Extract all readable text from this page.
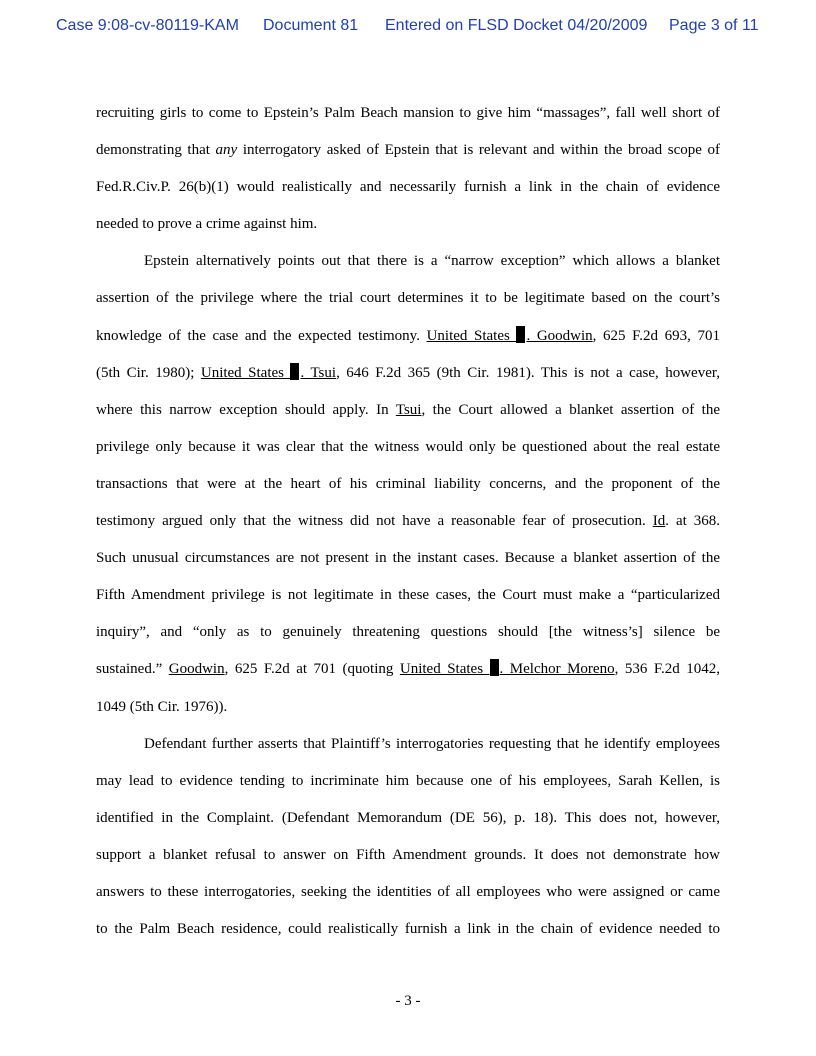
Case 9:08-cv-80119-KAM Document 81 Entered on FLSD Docket 04/20/2009 Page 3 of 11
recruiting girls to come to Epstein’s Palm Beach mansion to give him “massages”, fall well short of
demonstrating that any interrogatory asked of Epstein that is relevant and within the broad scope of
Fed.R.Civ.P. 26(b)(1) would realistically and necessarily furnish a link in the chain of evidence
needed to prove a crime against him.
Epstein alternatively points out that there is a “narrow exception” which allows a blanket
assertion of the privilege where the trial court determines it to be legitimate based on the court’s
knowledge of the case and the expected testimony. United States . Goodwin, 625 F.2d 693, 701
(5th Cir. 1980); United States . Tsui, 646 F.2d 365 (9th Cir. 1981). This is not a case, however,
where this narrow exception should apply. In Tsui, the Court allowed a blanket assertion of the
privilege only because it was clear that the witness would only be questioned about the real estate
transactions that were at the heart of his criminal liability concerns, and the proponent of the
testimony argued only that the witness did not have a reasonable fear of prosecution. Id. at 368.
Such unusual circumstances are not present in the instant cases. Because a blanket assertion of the
Fifth Amendment privilege is not legitimate in these cases, the Court must make a “particularized
inquiry”, and “only as to genuinely threatening questions should [the witness’s] silence be
sustained.” Goodwin, 625 F.2d at 701 (quoting United States . Melchor Moreno, 536 F.2d 1042,
1049 (5th Cir. 1976)).
Defendant further asserts that Plaintiff’s interrogatories requesting that he identify employees
may lead to evidence tending to incriminate him because one of his employees, Sarah Kellen, is
identified in the Complaint. (Defendant Memorandum (DE 56), p. 18). This does not, however,
support a blanket refusal to answer on Fifth Amendment grounds. It does not demonstrate how
answers to these interrogatories, seeking the identities of all employees who were assigned or came
to the Palm Beach residence, could realistically furnish a link in the chain of evidence needed to
- 3 -
